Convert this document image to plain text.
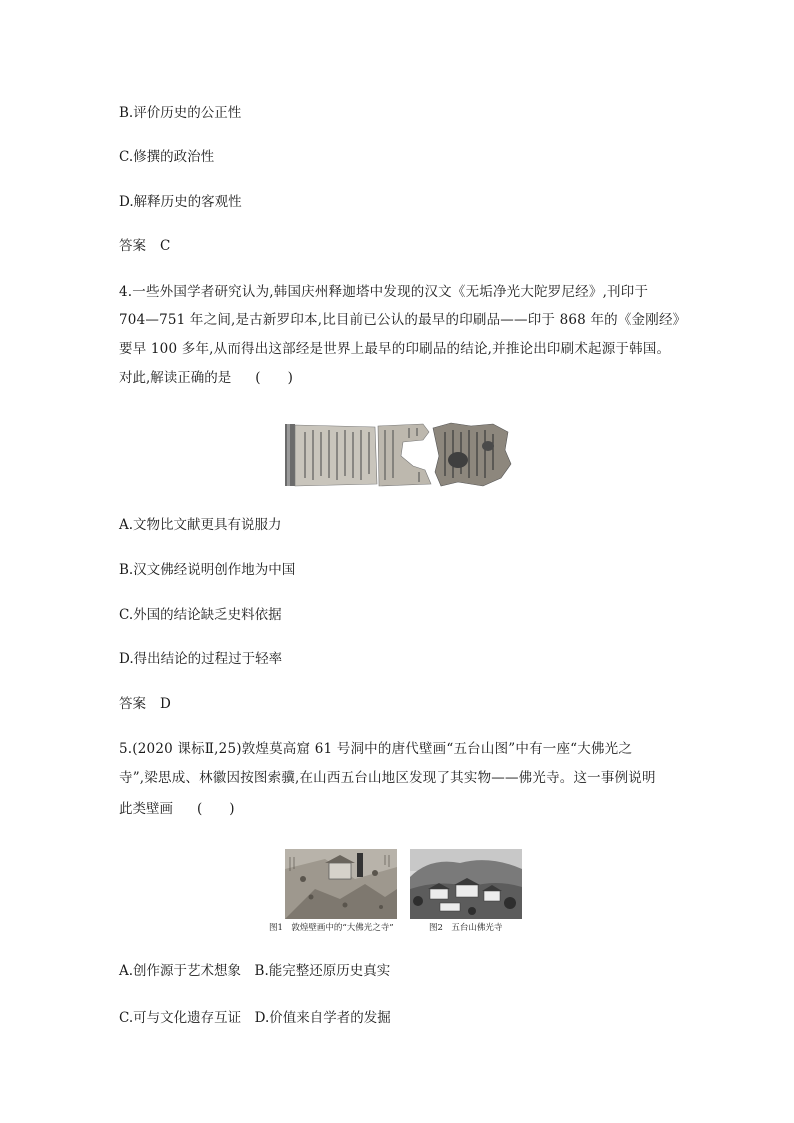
B.评价历史的公正性
C.修撰的政治性
D.解释历史的客观性
答案 C
4.一些外国学者研究认为,韩国庆州释迦塔中发现的汉文《无垢净光大陀罗尼经》,刊印于
704—751 年之间,是古新罗印本,比目前已公认的最早的印刷品——印于 868 年的《金刚经》
要早 100 多年,从而得出这部经是世界上最早的印刷品的结论,并推论出印刷术起源于韩国。
对此,解读正确的是 (　　)
A.文物比文献更具有说服力
B.汉文佛经说明创作地为中国
C.外国的结论缺乏史料依据
D.得出结论的过程过于轻率
答案 D
5.(2020 课标Ⅱ,25)敦煌莫高窟 61 号洞中的唐代壁画“五台山图”中有一座“大佛光之
寺”,梁思成、林徽因按图索骥,在山西五台山地区发现了其实物——佛光寺。这一事例说明
此类壁画 (　　)
图1　敦煌壁画中的“大佛光之寺”	图2　五台山佛光寺
A.创作源于艺术想象　B.能完整还原历史真实
C.可与文化遗存互证　D.价值来自学者的发掘
